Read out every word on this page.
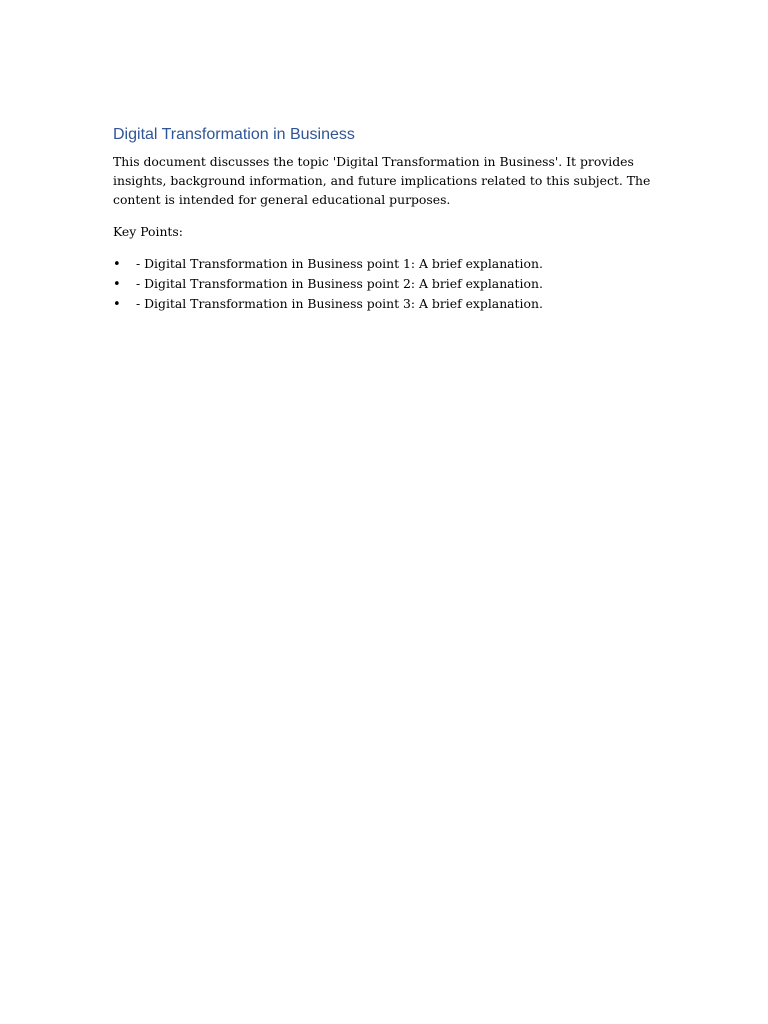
Digital Transformation in Business

This document discusses the topic 'Digital Transformation in Business'. It provides insights, background information, and future implications related to this subject. The content is intended for general educational purposes.

Key Points:

•	- Digital Transformation in Business point 1: A brief explanation.
•	- Digital Transformation in Business point 2: A brief explanation.
•	- Digital Transformation in Business point 3: A brief explanation.
